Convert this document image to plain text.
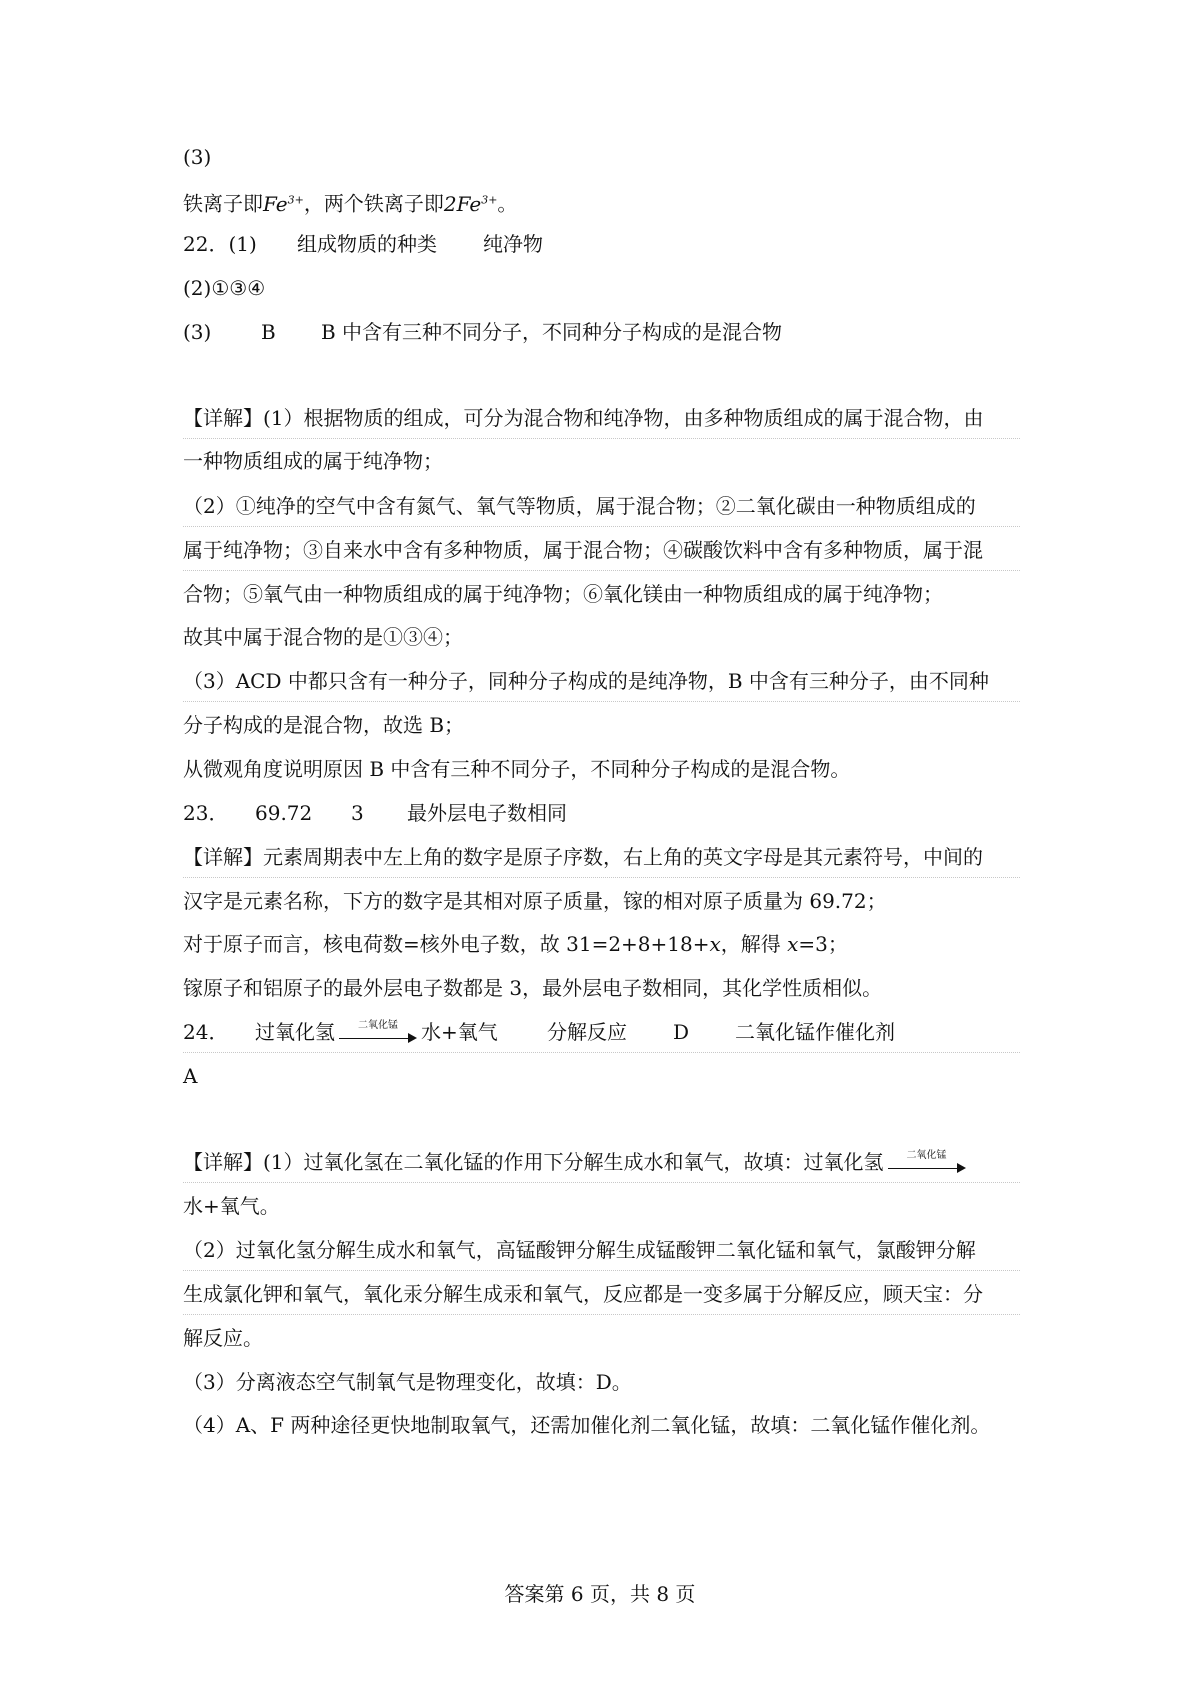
(3)
铁离子即$Fe^{3+}$，两个铁离子即$2Fe^{3+}$。
22．(1) 组成物质的种类 纯净物
(2)①③④
(3) B B 中含有三种不同分子，不同种分子构成的是混合物
【详解】(1）根据物质的组成，可分为混合物和纯净物，由多种物质组成的属于混合物，由
一种物质组成的属于纯净物；
（2）①纯净的空气中含有氮气、氧气等物质，属于混合物；②二氧化碳由一种物质组成的
属于纯净物；③自来水中含有多种物质，属于混合物；④碳酸饮料中含有多种物质，属于混
合物；⑤氧气由一种物质组成的属于纯净物；⑥氧化镁由一种物质组成的属于纯净物；
故其中属于混合物的是①③④；
（3）ACD 中都只含有一种分子，同种分子构成的是纯净物，B 中含有三种分子，由不同种
分子构成的是混合物，故选 B；
从微观角度说明原因 B 中含有三种不同分子，不同种分子构成的是混合物。
23． 69.72 3 最外层电子数相同
【详解】元素周期表中左上角的数字是原子序数，右上角的英文字母是其元素符号，中间的
汉字是元素名称，下方的数字是其相对原子质量，镓的相对原子质量为 69.72；
对于原子而言，核电荷数=核外电子数，故 31=2+8+18+x，解得 x=3；
镓原子和铝原子的最外层电子数都是 3，最外层电子数相同，其化学性质相似。
24． 过氧化氢	二氧化锰	水+氧气 分解反应 D 二氧化锰作催化剂
A
【详解】(1）过氧化氢在二氧化锰的作用下分解生成水和氧气，故填：过氧化氢	二氧化锰
水+氧气。
（2）过氧化氢分解生成水和氧气，高锰酸钾分解生成锰酸钾二氧化锰和氧气，氯酸钾分解
生成氯化钾和氧气，氧化汞分解生成汞和氧气，反应都是一变多属于分解反应，顾天宝：分
解反应。
（3）分离液态空气制氧气是物理变化，故填：D。
（4）A、F 两种途径更快地制取氧气，还需加催化剂二氧化锰，故填：二氧化锰作催化剂。
答案第 6 页，共 8 页
